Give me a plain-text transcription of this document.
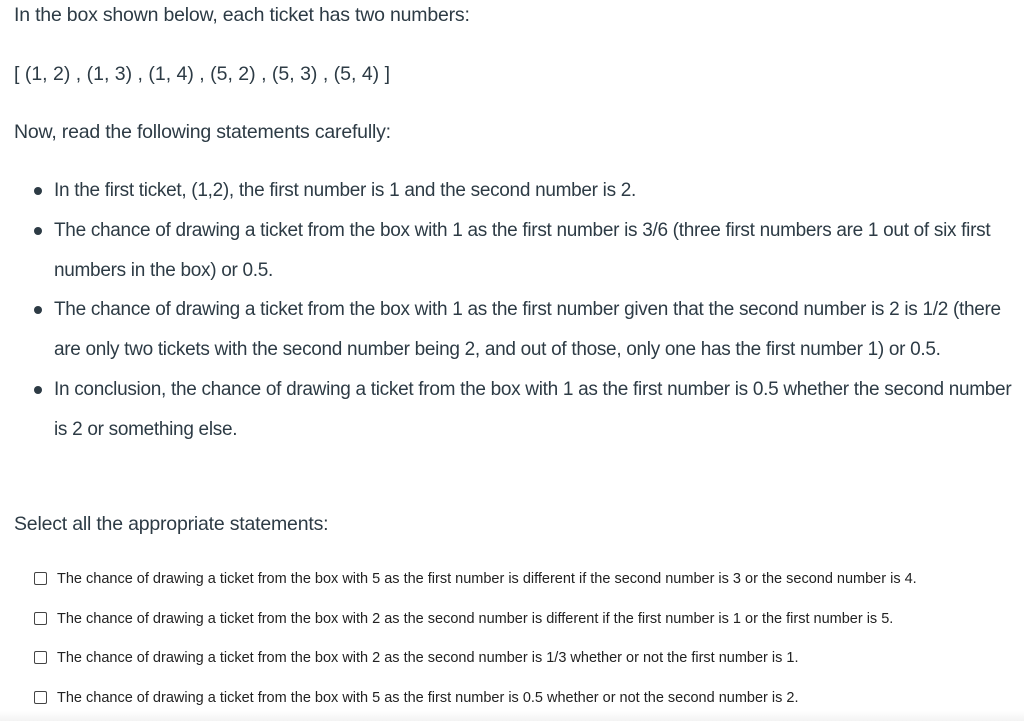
In the box shown below, each ticket has two numbers:
[ (1, 2) , (1, 3) , (1, 4) , (5, 2) , (5, 3) , (5, 4) ]
Now, read the following statements carefully:
In the first ticket, (1,2), the first number is 1 and the second number is 2.
The chance of drawing a ticket from the box with 1 as the first number is 3/6 (three first numbers are 1 out of six first numbers in the box) or 0.5.
The chance of drawing a ticket from the box with 1 as the first number given that the second number is 2 is 1/2 (there are only two tickets with the second number being 2, and out of those, only one has the first number 1) or 0.5.
In conclusion, the chance of drawing a ticket from the box with 1 as the first number is 0.5 whether the second number is 2 or something else.
Select all the appropriate statements:
The chance of drawing a ticket from the box with 5 as the first number is different if the second number is 3 or the second number is 4.
The chance of drawing a ticket from the box with 2 as the second number is different if the first number is 1 or the first number is 5.
The chance of drawing a ticket from the box with 2 as the second number is 1/3 whether or not the first number is 1.
The chance of drawing a ticket from the box with 5 as the first number is 0.5 whether or not the second number is 2.
